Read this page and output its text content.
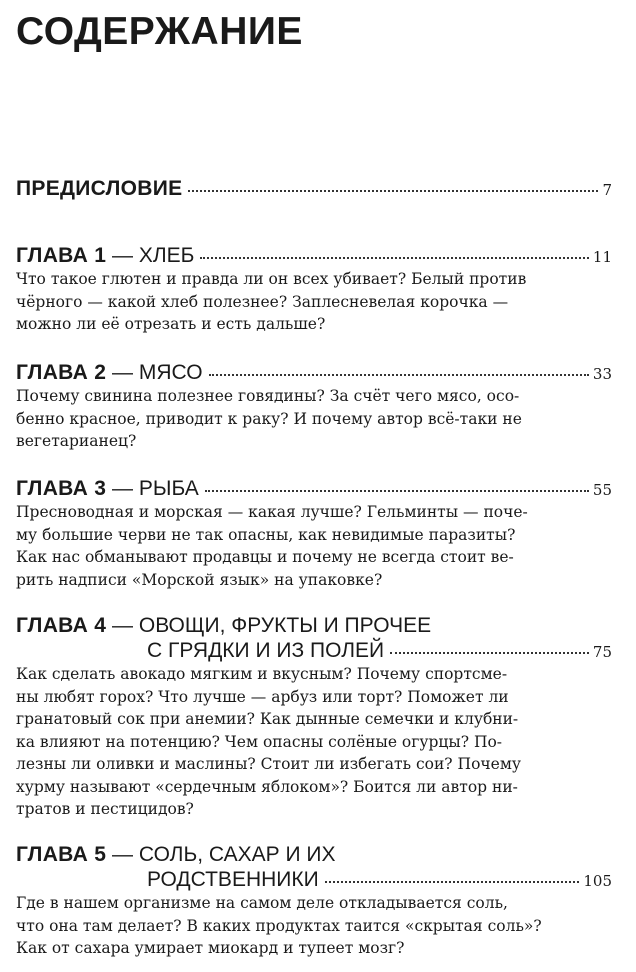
СОДЕРЖАНИЕ
ПРЕДИСЛОВИЕ	7
ГЛАВА 1 — ХЛЕБ	11

Что такое глютен и правда ли он всех убивает? Белый против
чёрного — какой хлеб полезнее? Заплесневелая корочка —
можно ли её отрезать и есть дальше?

ГЛАВА 2 — МЯСО	33

Почему свинина полезнее говядины? За счёт чего мясо, осо-
бенно красное, приводит к раку? И почему автор всё-таки не
вегетарианец?

ГЛАВА 3 — РЫБА	55

Пресноводная и морская — какая лучше? Гельминты — поче-
му большие черви не так опасны, как невидимые паразиты?
Как нас обманывают продавцы и почему не всегда стоит ве-
рить надписи «Морской язык» на упаковке?

ГЛАВА 4 — ОВОЩИ, ФРУКТЫ И ПРОЧЕЕ
С ГРЯДКИ И ИЗ ПОЛЕЙ	75

Как сделать авокадо мягким и вкусным? Почему спортсме-
ны любят горох? Что лучше — арбуз или торт? Поможет ли
гранатовый сок при анемии? Как дынные семечки и клубни-
ка влияют на потенцию? Чем опасны солёные огурцы? По-
лезны ли оливки и маслины? Стоит ли избегать сои? Почему
хурму называют «сердечным яблоком»? Боится ли автор ни-
тратов и пестицидов?

ГЛАВА 5 — СОЛЬ, САХАР И ИХ
РОДСТВЕННИКИ	105

Где в нашем организме на самом деле откладывается соль,
что она там делает? В каких продуктах таится «скрытая соль»?
Как от сахара умирает миокард и тупеет мозг?
